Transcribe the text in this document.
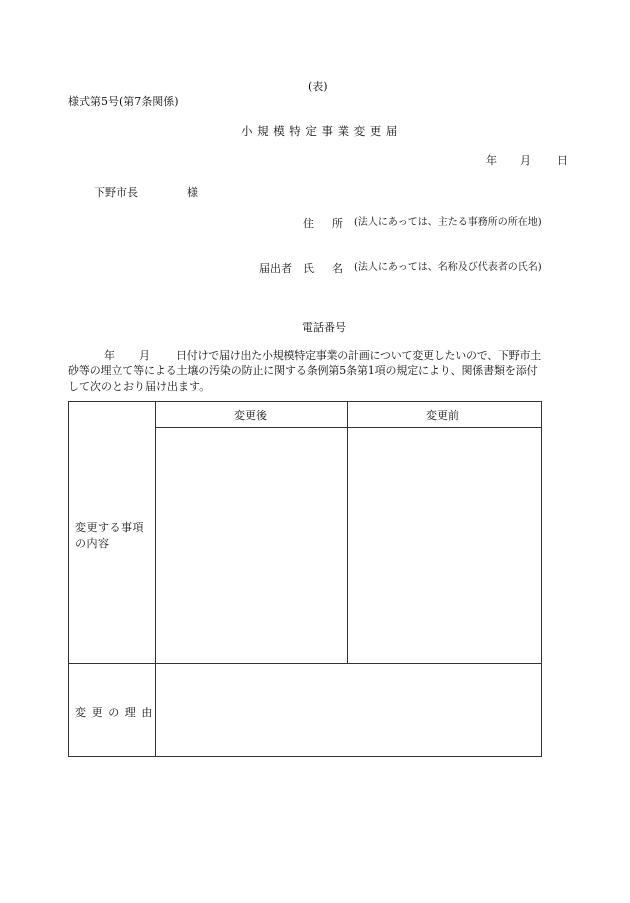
(表)
様式第5号(第7条関係)
小規模特定事業変更届
年 月 日
下野市長	様
住所
(法人にあっては、主たる事務所の所在地)
届出者 氏名
(法人にあっては、名称及び代表者の氏名)
電話番号
年 月 日付けで届け出た小規模特定事業の計画について変更したいので、下野市土
砂等の埋立て等による土壌の汚染の防止に関する条例第5条第1項の規定により、関係書類を添付
して次のとおり届け出ます。
変更後	変更前
変更する事項の内容
変更の理由
